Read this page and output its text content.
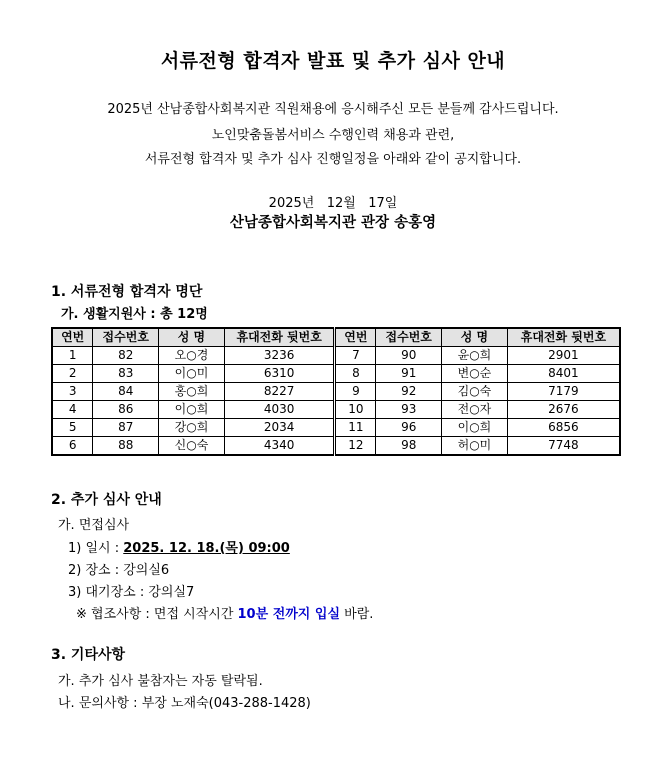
서류전형 합격자 발표 및 추가 심사 안내
2025년 산남종합사회복지관 직원채용에 응시해주신 모든 분들께 감사드립니다.
노인맞춤돌봄서비스 수행인력 채용과 관련,
서류전형 합격자 및 추가 심사 진행일정을 아래와 같이 공지합니다.
2025년   12월   17일
산남종합사회복지관 관장 송홍영
1. 서류전형 합격자 명단
가. 생활지원사 : 총 12명
연번	접수번호	성 명	휴대전화 뒷번호	연번	접수번호	성 명	휴대전화 뒷번호
1	82	오○경	3236	7	90	윤○희	2901
2	83	이○미	6310	8	91	변○순	8401
3	84	홍○희	8227	9	92	김○숙	7179
4	86	이○희	4030	10	93	전○자	2676
5	87	강○희	2034	11	96	이○희	6856
6	88	신○숙	4340	12	98	허○미	7748
2. 추가 심사 안내
가. 면접심사
1) 일시 : 2025. 12. 18.(목) 09:00
2) 장소 : 강의실6
3) 대기장소 : 강의실7
※ 협조사항 : 면접 시작시간 10분 전까지 입실 바람.
3. 기타사항
가. 추가 심사 불참자는 자동 탈락됨.
나. 문의사항 : 부장 노재숙(043-288-1428)
